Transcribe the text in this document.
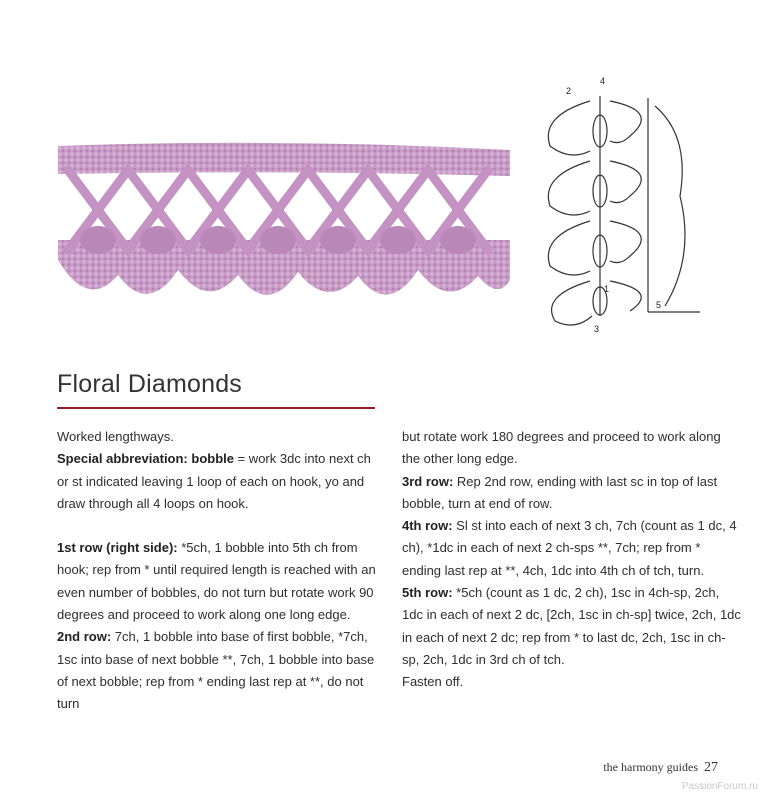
2
4
1
5
3
Floral Diamonds

Worked lengthways.

Special abbreviation: bobble = work 3dc into next ch or st indicated leaving 1 loop of each on hook, yo and draw through all 4 loops on hook.

1st row (right side): *5ch, 1 bobble into 5th ch from hook; rep from * until required length is reached with an even number of bobbles, do not turn but rotate work 90 degrees and proceed to work along one long edge.

2nd row: 7ch, 1 bobble into base of first bobble, *7ch, 1sc into base of next bobble **, 7ch, 1 bobble into base of next bobble; rep from * ending last rep at **, do not turn

but rotate work 180 degrees and proceed to work along the other long edge.

3rd row: Rep 2nd row, ending with last sc in top of last bobble, turn at end of row.

4th row: Sl st into each of next 3 ch, 7ch (count as 1 dc, 4 ch), *1dc in each of next 2 ch-sps **, 7ch; rep from * ending last rep at **, 4ch, 1dc into 4th ch of tch, turn.

5th row: *5ch (count as 1 dc, 2 ch), 1sc in 4ch-sp, 2ch, 1dc in each of next 2 dc, [2ch, 1sc in ch-sp] twice, 2ch, 1dc in each of next 2 dc; rep from * to last dc, 2ch, 1sc in ch-sp, 2ch, 1dc in 3rd ch of tch.

Fasten off.

the harmony guides 27
PassionForum.ru
